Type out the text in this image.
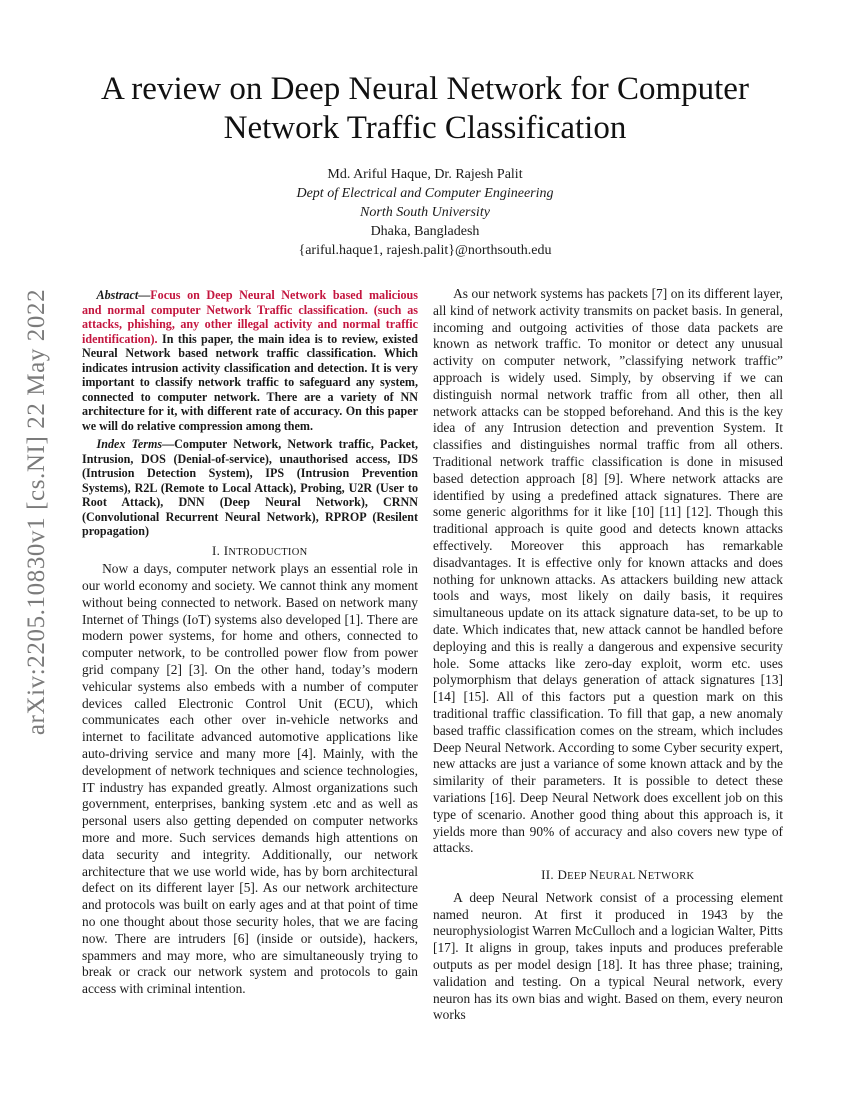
arXiv:2205.10830v1 [cs.NI] 22 May 2022
A review on Deep Neural Network for Computer
Network Traffic Classification
Md. Ariful Haque, Dr. Rajesh Palit
Dept of Electrical and Computer Engineering
North South University
Dhaka, Bangladesh
{ariful.haque1, rajesh.palit}@northsouth.edu

Abstract—Focus on Deep Neural Network based malicious and normal computer Network Traffic classification. (such as attacks, phishing, any other illegal activity and normal traffic identification). In this paper, the main idea is to review, existed Neural Network based network traffic classification. Which indicates intrusion activity classification and detection. It is very important to classify network traffic to safeguard any system, connected to computer network. There are a variety of NN architecture for it, with different rate of accuracy. On this paper we will do relative compression among them.

Index Terms—Computer Network, Network traffic, Packet, Intrusion, DOS (Denial-of-service), unauthorised access, IDS (Intrusion Detection System), IPS (Intrusion Prevention Systems), R2L (Remote to Local Attack), Probing, U2R (User to Root Attack), DNN (Deep Neural Network), CRNN (Convolutional Recurrent Neural Network), RPROP (Resilent propagation)

I. INTRODUCTION

Now a days, computer network plays an essential role in our world economy and society. We cannot think any moment without being connected to network. Based on network many Internet of Things (IoT) systems also developed [1]. There are modern power systems, for home and others, connected to computer network, to be controlled power flow from power grid company [2] [3]. On the other hand, today’s modern vehicular systems also embeds with a number of computer devices called Electronic Control Unit (ECU), which communicates each other over in-vehicle networks and internet to facilitate advanced automotive applications like auto-driving service and many more [4]. Mainly, with the development of network techniques and science technologies, IT industry has expanded greatly. Almost organizations such government, enterprises, banking system .etc and as well as personal users also getting depended on computer networks more and more. Such services demands high attentions on data security and integrity. Additionally, our network architecture that we use world wide, has by born architectural defect on its different layer [5]. As our network architecture and protocols was built on early ages and at that point of time no one thought about those security holes, that we are facing now. There are intruders [6] (inside or outside), hackers, spammers and may more, who are simultaneously trying to break or crack our network system and protocols to gain access with criminal intention.

As our network systems has packets [7] on its different layer, all kind of network activity transmits on packet basis. In general, incoming and outgoing activities of those data packets are known as network traffic. To monitor or detect any unusual activity on computer network, ”classifying network traffic” approach is widely used. Simply, by observing if we can distinguish normal network traffic from all other, then all network attacks can be stopped beforehand. And this is the key idea of any Intrusion detection and prevention System. It classifies and distinguishes normal traffic from all others. Traditional network traffic classification is done in misused based detection approach [8] [9]. Where network attacks are identified by using a predefined attack signatures. There are some generic algorithms for it like [10] [11] [12]. Though this traditional approach is quite good and detects known attacks effectively. Moreover this approach has remarkable disadvantages. It is effective only for known attacks and does nothing for unknown attacks. As attackers building new attack tools and ways, most likely on daily basis, it requires simultaneous update on its attack signature data-set, to be up to date. Which indicates that, new attack cannot be handled before deploying and this is really a dangerous and expensive security hole. Some attacks like zero-day exploit, worm etc. uses polymorphism that delays generation of attack signatures [13] [14] [15]. All of this factors put a question mark on this traditional traffic classification. To fill that gap, a new anomaly based traffic classification comes on the stream, which includes Deep Neural Network. According to some Cyber security expert, new attacks are just a variance of some known attack and by the similarity of their parameters. It is possible to detect these variations [16]. Deep Neural Network does excellent job on this type of scenario. Another good thing about this approach is, it yields more than 90% of accuracy and also covers new type of attacks.

II. DEEP NEURAL NETWORK

A deep Neural Network consist of a processing element named neuron. At first it produced in 1943 by the neurophysiologist Warren McCulloch and a logician Walter, Pitts [17]. It aligns in group, takes inputs and produces preferable outputs as per model design [18]. It has three phase; training, validation and testing. On a typical Neural network, every neuron has its own bias and wight. Based on them, every neuron works
